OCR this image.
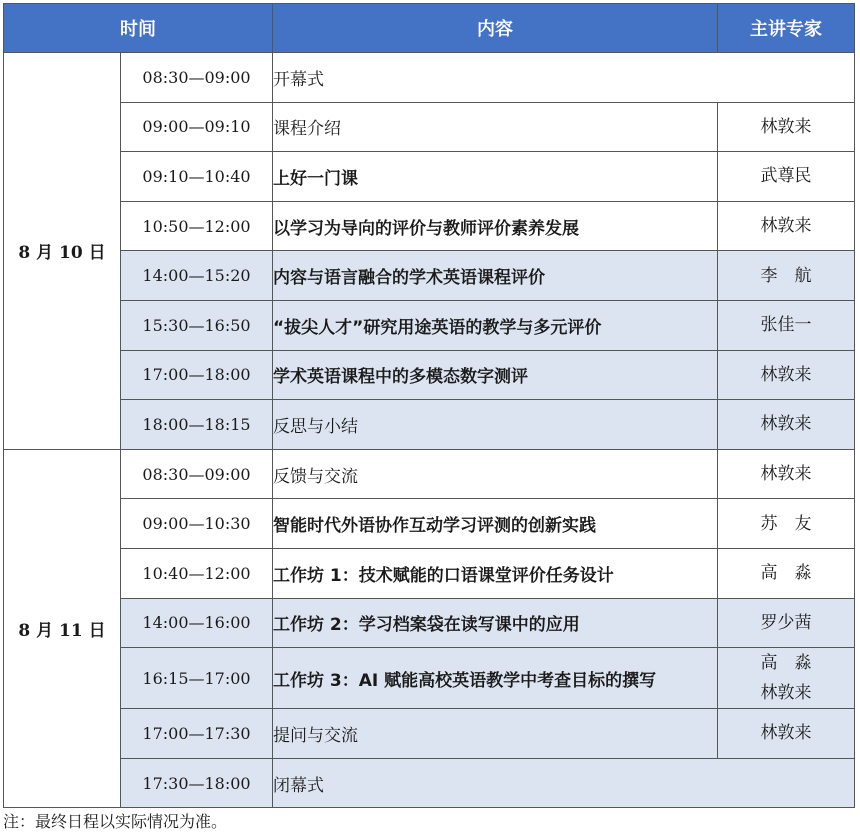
时间		内容	主讲专家
8 月 10 日	08:30—09:00	开幕式	
	09:00—09:10	课程介绍	林敦来

	09:10—10:40	上好一门课	武尊民

	10:50—12:00	以学习为导向的评价与教师评价素养发展	林敦来

	14:00—15:20	内容与语言融合的学术英语课程评价	李　航

	15:30—16:50	“拔尖人才”研究用途英语的教学与多元评价	张佳一

	17:00—18:00	学术英语课程中的多模态数字测评	林敦来

	18:00—18:15	反思与小结	林敦来

8 月 11 日	08:30—09:00	反馈与交流	林敦来

	09:00—10:30	智能时代外语协作互动学习评测的创新实践	苏　友

	10:40—12:00	工作坊 1：技术赋能的口语课堂评价任务设计	高　淼

	14:00—16:00	工作坊 2：学习档案袋在读写课中的应用	罗少茜

	16:15—17:00	工作坊 3：AI 赋能高校英语教学中考查目标的撰写	高　淼
林敦来

	17:00—17:30	提问与交流	林敦来

	17:30—18:00	闭幕式	
注：最终日程以实际情况为准。
